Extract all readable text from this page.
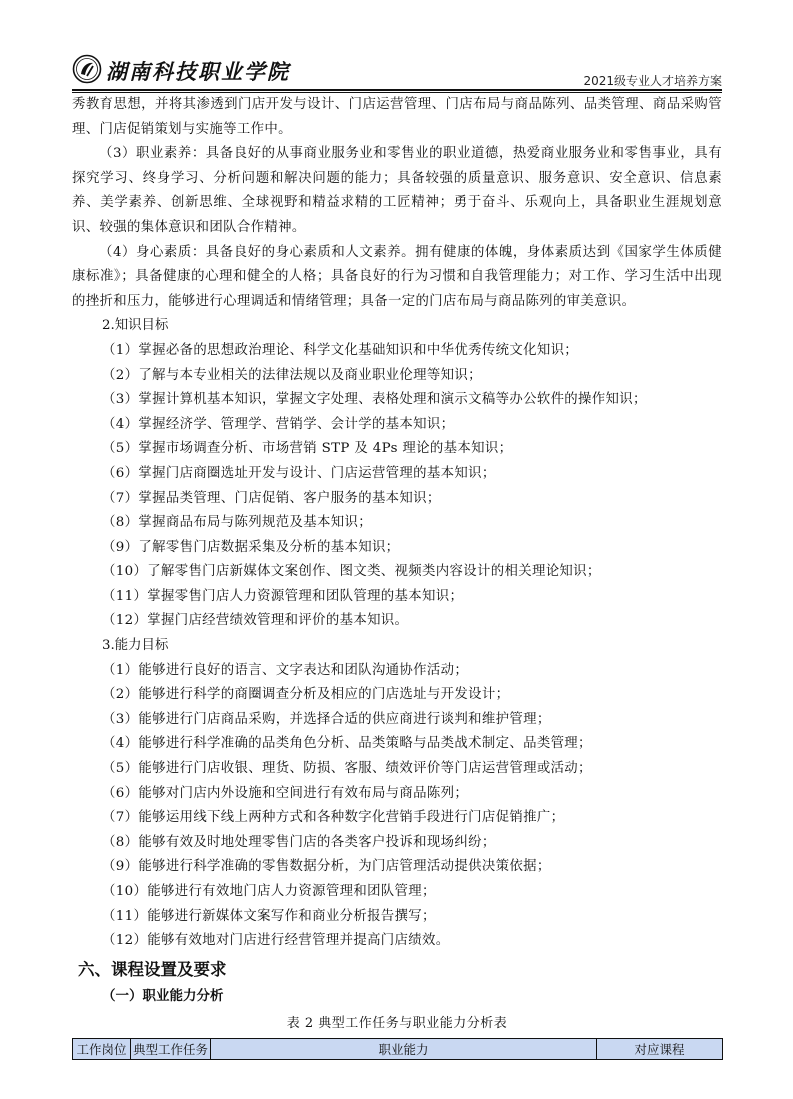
湖南科技职业学院	2021级专业人才培养方案

秀教育思想，并将其渗透到门店开发与设计、门店运营管理、门店布局与商品陈列、品类管理、商品采购管理、门店促销策划与实施等工作中。

（3）职业素养：具备良好的从事商业服务业和零售业的职业道德，热爱商业服务业和零售事业，具有探究学习、终身学习、分析问题和解决问题的能力；具备较强的质量意识、服务意识、安全意识、信息素养、美学素养、创新思维、全球视野和精益求精的工匠精神；勇于奋斗、乐观向上，具备职业生涯规划意识、较强的集体意识和团队合作精神。

（4）身心素质：具备良好的身心素质和人文素养。拥有健康的体魄，身体素质达到《国家学生体质健康标准》；具备健康的心理和健全的人格；具备良好的行为习惯和自我管理能力；对工作、学习生活中出现的挫折和压力，能够进行心理调适和情绪管理；具备一定的门店布局与商品陈列的审美意识。

2.知识目标

（1）掌握必备的思想政治理论、科学文化基础知识和中华优秀传统文化知识；

（2）了解与本专业相关的法律法规以及商业职业伦理等知识；

（3）掌握计算机基本知识，掌握文字处理、表格处理和演示文稿等办公软件的操作知识；

（4）掌握经济学、管理学、营销学、会计学的基本知识；

（5）掌握市场调查分析、市场营销 STP 及 4Ps 理论的基本知识；

（6）掌握门店商圈选址开发与设计、门店运营管理的基本知识；

（7）掌握品类管理、门店促销、客户服务的基本知识；

（8）掌握商品布局与陈列规范及基本知识；

（9）了解零售门店数据采集及分析的基本知识；

（10）了解零售门店新媒体文案创作、图文类、视频类内容设计的相关理论知识；

（11）掌握零售门店人力资源管理和团队管理的基本知识；

（12）掌握门店经营绩效管理和评价的基本知识。

3.能力目标

（1）能够进行良好的语言、文字表达和团队沟通协作活动；

（2）能够进行科学的商圈调查分析及相应的门店选址与开发设计；

（3）能够进行门店商品采购，并选择合适的供应商进行谈判和维护管理；

（4）能够进行科学准确的品类角色分析、品类策略与品类战术制定、品类管理；

（5）能够进行门店收银、理货、防损、客服、绩效评价等门店运营管理或活动；

（6）能够对门店内外设施和空间进行有效布局与商品陈列；

（7）能够运用线下线上两种方式和各种数字化营销手段进行门店促销推广；

（8）能够有效及时地处理零售门店的各类客户投诉和现场纠纷；

（9）能够进行科学准确的零售数据分析，为门店管理活动提供决策依据；

（10）能够进行有效地门店人力资源管理和团队管理；

（11）能够进行新媒体文案写作和商业分析报告撰写；

（12）能够有效地对门店进行经营管理并提高门店绩效。

六、课程设置及要求
（一）职业能力分析
表 2 典型工作任务与职业能力分析表
工作岗位	典型工作任务	职业能力	对应课程
